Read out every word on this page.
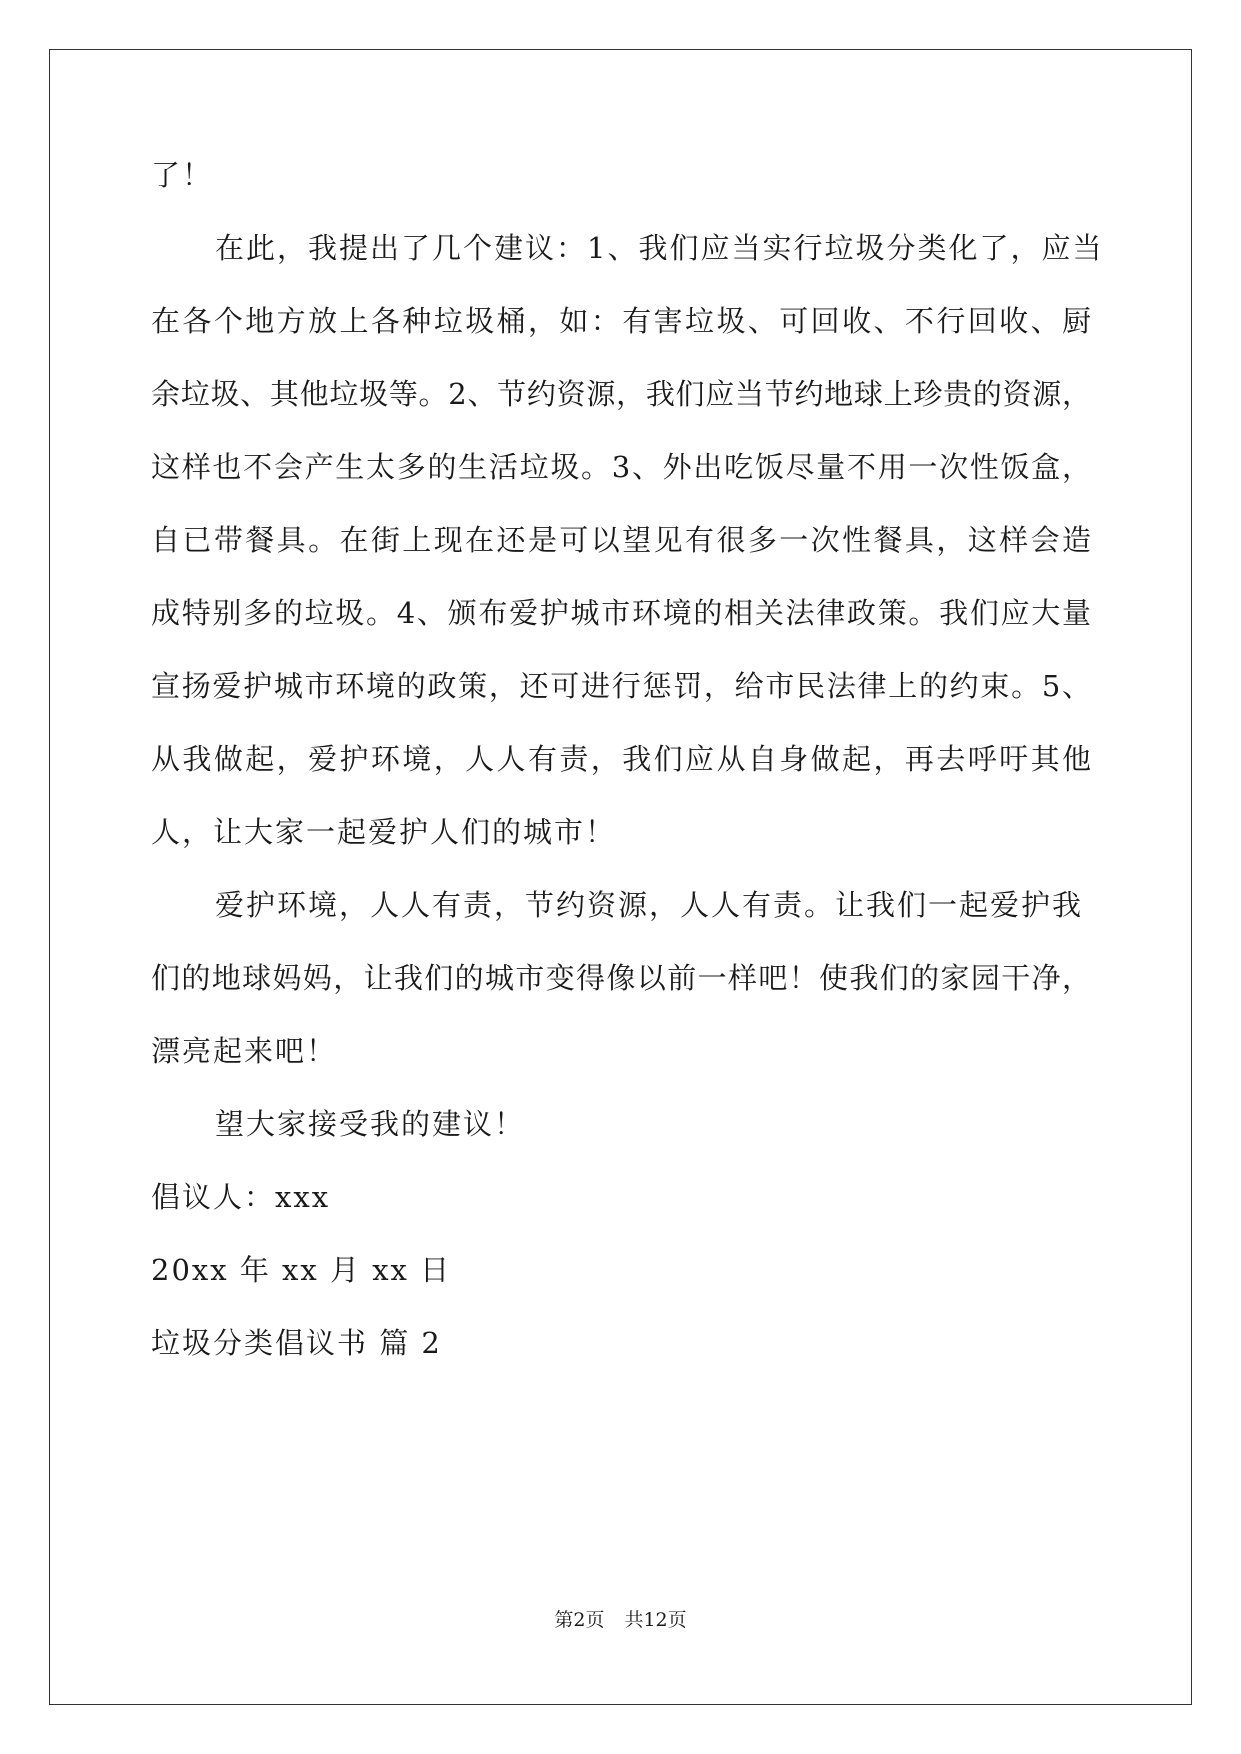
了！
在此，我提出了几个建议：1、我们应当实行垃圾分类化了，应当
在各个地方放上各种垃圾桶，如：有害垃圾、可回收、不行回收、厨
余垃圾、其他垃圾等。2、节约资源，我们应当节约地球上珍贵的资源，
这样也不会产生太多的生活垃圾。3、外出吃饭尽量不用一次性饭盒，
自已带餐具。在街上现在还是可以望见有很多一次性餐具，这样会造
成特别多的垃圾。4、颁布爱护城市环境的相关法律政策。我们应大量
宣扬爱护城市环境的政策，还可进行惩罚，给市民法律上的约束。5、
从我做起，爱护环境，人人有责，我们应从自身做起，再去呼吁其他
人，让大家一起爱护人们的城市！
爱护环境，人人有责，节约资源，人人有责。让我们一起爱护我
们的地球妈妈，让我们的城市变得像以前一样吧！使我们的家园干净，
漂亮起来吧！
望大家接受我的建议！
倡议人：xxx
20xx 年 xx 月 xx 日
垃圾分类倡议书 篇 2
第2页 共12页
